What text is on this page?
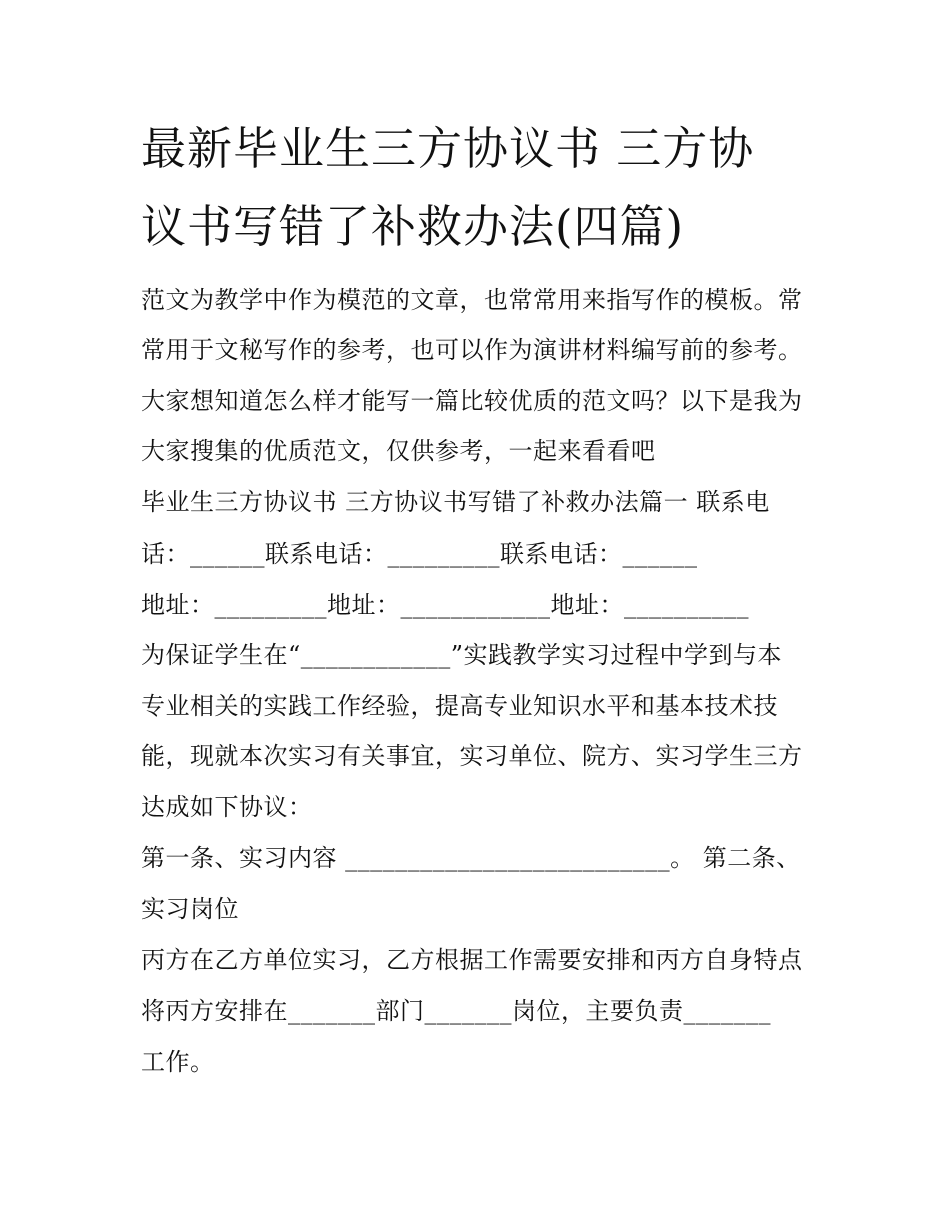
最新毕业生三方协议书 三方协
议书写错了补救办法(四篇)

范文为教学中作为模范的文章，也常常用来指写作的模板。常

常用于文秘写作的参考，也可以作为演讲材料编写前的参考。

大家想知道怎么样才能写一篇比较优质的范文吗？以下是我为

大家搜集的优质范文，仅供参考，一起来看看吧

毕业生三方协议书 三方协议书写错了补救办法篇一 联系电

话：______联系电话：_________联系电话：______

地址：_________地址：____________地址：__________

为保证学生在“____________”实践教学实习过程中学到与本

专业相关的实践工作经验，提高专业知识水平和基本技术技

能，现就本次实习有关事宜，实习单位、院方、实习学生三方

达成如下协议：

第一条、实习内容 __________________________。 第二条、

实习岗位

丙方在乙方单位实习，乙方根据工作需要安排和丙方自身特点

将丙方安排在_______部门_______岗位，主要负责_______

工作。
